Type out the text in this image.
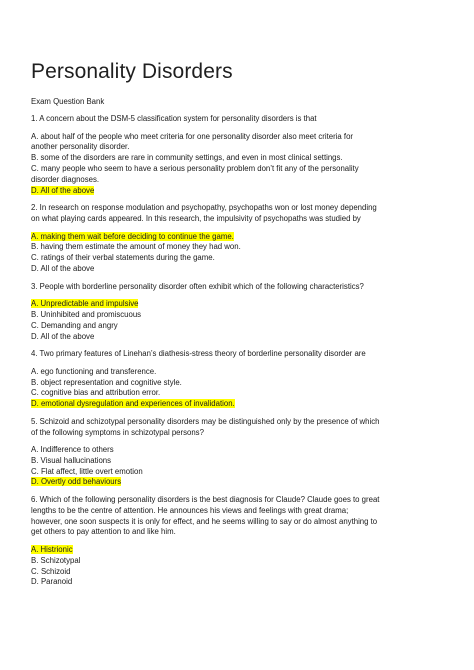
Personality Disorders
Exam Question Bank
1. A concern about the DSM-5 classification system for personality disorders is that
A. about half of the people who meet criteria for one personality disorder also meet criteria for
another personality disorder.
B. some of the disorders are rare in community settings, and even in most clinical settings.
C. many people who seem to have a serious personality problem don’t fit any of the personality
disorder diagnoses.
D. All of the above
2. In research on response modulation and psychopathy, psychopaths won or lost money depending
on what playing cards appeared. In this research, the impulsivity of psychopaths was studied by
A. making them wait before deciding to continue the game.
B. having them estimate the amount of money they had won.
C. ratings of their verbal statements during the game.
D. All of the above
3. People with borderline personality disorder often exhibit which of the following characteristics?
A. Unpredictable and impulsive
B. Uninhibited and promiscuous
C. Demanding and angry
D. All of the above
4. Two primary features of Linehan’s diathesis-stress theory of borderline personality disorder are
A. ego functioning and transference.
B. object representation and cognitive style.
C. cognitive bias and attribution error.
D. emotional dysregulation and experiences of invalidation.
5. Schizoid and schizotypal personality disorders may be distinguished only by the presence of which
of the following symptoms in schizotypal persons?
A. Indifference to others
B. Visual hallucinations
C. Flat affect, little overt emotion
D. Overtly odd behaviours
6. Which of the following personality disorders is the best diagnosis for Claude? Claude goes to great
lengths to be the centre of attention. He announces his views and feelings with great drama;
however, one soon suspects it is only for effect, and he seems willing to say or do almost anything to
get others to pay attention to and like him.
A. Histrionic
B. Schizotypal
C. Schizoid
D. Paranoid
